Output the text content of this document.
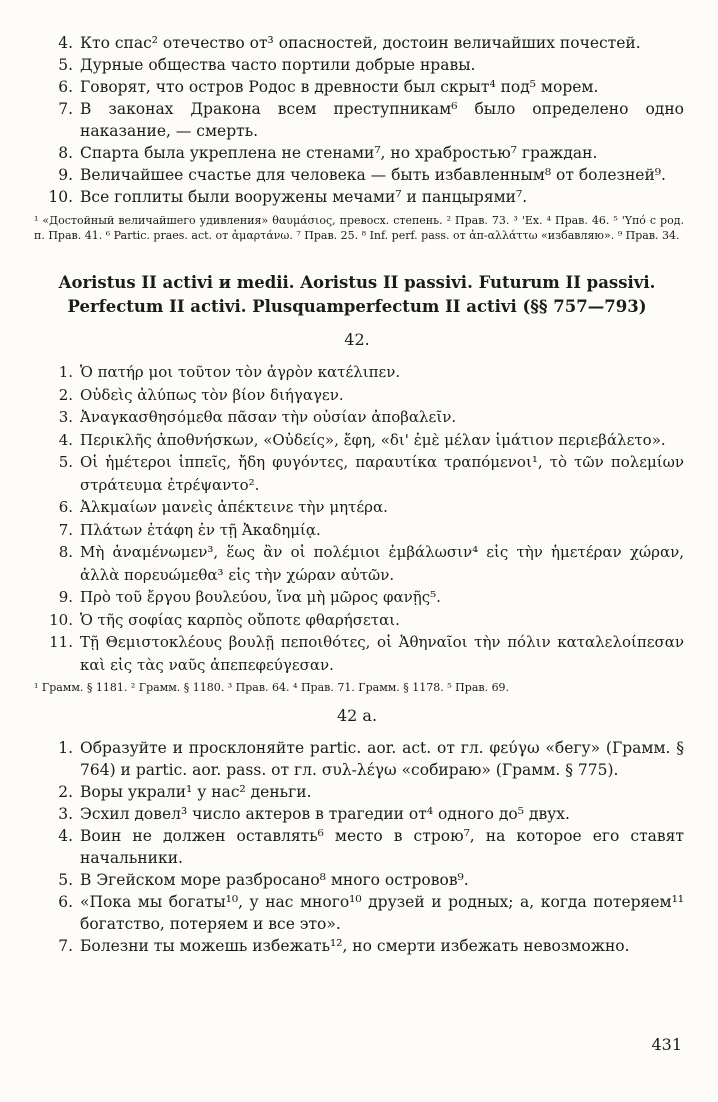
4. Кто спас² отечество от³ опасностей, достоин величайших почестей.
5. Дурные общества часто портили добрые нравы.
6. Говорят, что остров Родос в древности был скрыт⁴ под⁵ морем.
7. В законах Дракона всем преступникам⁶ было определено одно наказание, — смерть.
8. Спарта была укреплена не стенами⁷, но храбростью⁷ граждан.
9. Величайшее счастье для человека — быть избавленным⁸ от болезней⁹.
10. Все гоплиты были вооружены мечами⁷ и панцырями⁷.
¹ «Достойный величайшего удивления» θαυμάσιος, превосх. степень. ² Прав. 73. ³ 'Ex. ⁴ Прав. 46. ⁵ 'Υπό с род. п. Прав. 41. ⁶ Partic. praes. act. от ἁμαρτάνω. ⁷ Прав. 25. ⁸ Inf. perf. pass. от ἀπ-αλλάττω «избавляю». ⁹ Прав. 34.
Aoristus II activi и medii. Aoristus II passivi. Futurum II passivi.
Perfectum II activi. Plusquamperfectum II activi (§§ 757—793)
42.
1. Ὁ πατήρ μοι τοῦτον τὸν ἀγρὸν κατέλιπεν.
2. Οὐδεὶς ἀλύπως τὸν βίον διήγαγεν.
3. Ἀναγκασθησόμεθα πᾶσαν τὴν οὐσίαν ἀποβαλεῖν.
4. Περικλῆς ἀποθνήσκων, «Οὐδείς», ἔφη, «δι' ἐμὲ μέλαν ἱμάτιον περιεβάλετο».
5. Οἱ ἡμέτεροι ἱππεῖς, ἤδη φυγόντες, παραυτίκα τραπόμενοι¹, τὸ τῶν πολεμίων στράτευμα ἐτρέψαντο².
6. Ἀλκμαίων μανεὶς ἀπέκτεινε τὴν μητέρα.
7. Πλάτων ἐτάφη ἐν τῇ Ἀκαδημίᾳ.
8. Μὴ ἀναμένωμεν³, ἕως ἂν οἱ πολέμιοι ἐμβάλωσιν⁴ εἰς τὴν ἡμετέραν χώραν, ἀλλὰ πορευώμεθα³ εἰς τὴν χώραν αὐτῶν.
9. Πρὸ τοῦ ἔργου βουλεύου, ἵνα μὴ μῶρος φανῇς⁵.
10. Ὁ τῆς σοφίας καρπὸς οὔποτε φθαρήσεται.
11. Τῇ Θεμιστοκλέους βουλῇ πεποιθότες, οἱ Ἀθηναῖοι τὴν πόλιν καταλελοίπεσαν καὶ εἰς τὰς ναῦς ἀπεπεφεύγεσαν.
¹ Грамм. § 1181. ² Грамм. § 1180. ³ Прав. 64. ⁴ Прав. 71. Грамм. § 1178. ⁵ Прав. 69.
42 a.
1. Образуйте и просклоняйте partic. aor. act. от гл. φεύγω «бегу» (Грамм. § 764) и partic. aor. pass. от гл. συλ-λέγω «собираю» (Грамм. § 775).
2. Воры украли¹ у нас² деньги.
3. Эсхил довел³ число актеров в трагедии от⁴ одного до⁵ двух.
4. Воин не должен оставлять⁶ место в строю⁷, на которое его ставят начальники.
5. В Эгейском море разбросано⁸ много островов⁹.
6. «Пока мы богаты¹⁰, у нас много¹⁰ друзей и родных; а, когда потеряем¹¹ богатство, потеряем и все это».
7. Болезни ты можешь избежать¹², но смерти избежать невозможно.
431
